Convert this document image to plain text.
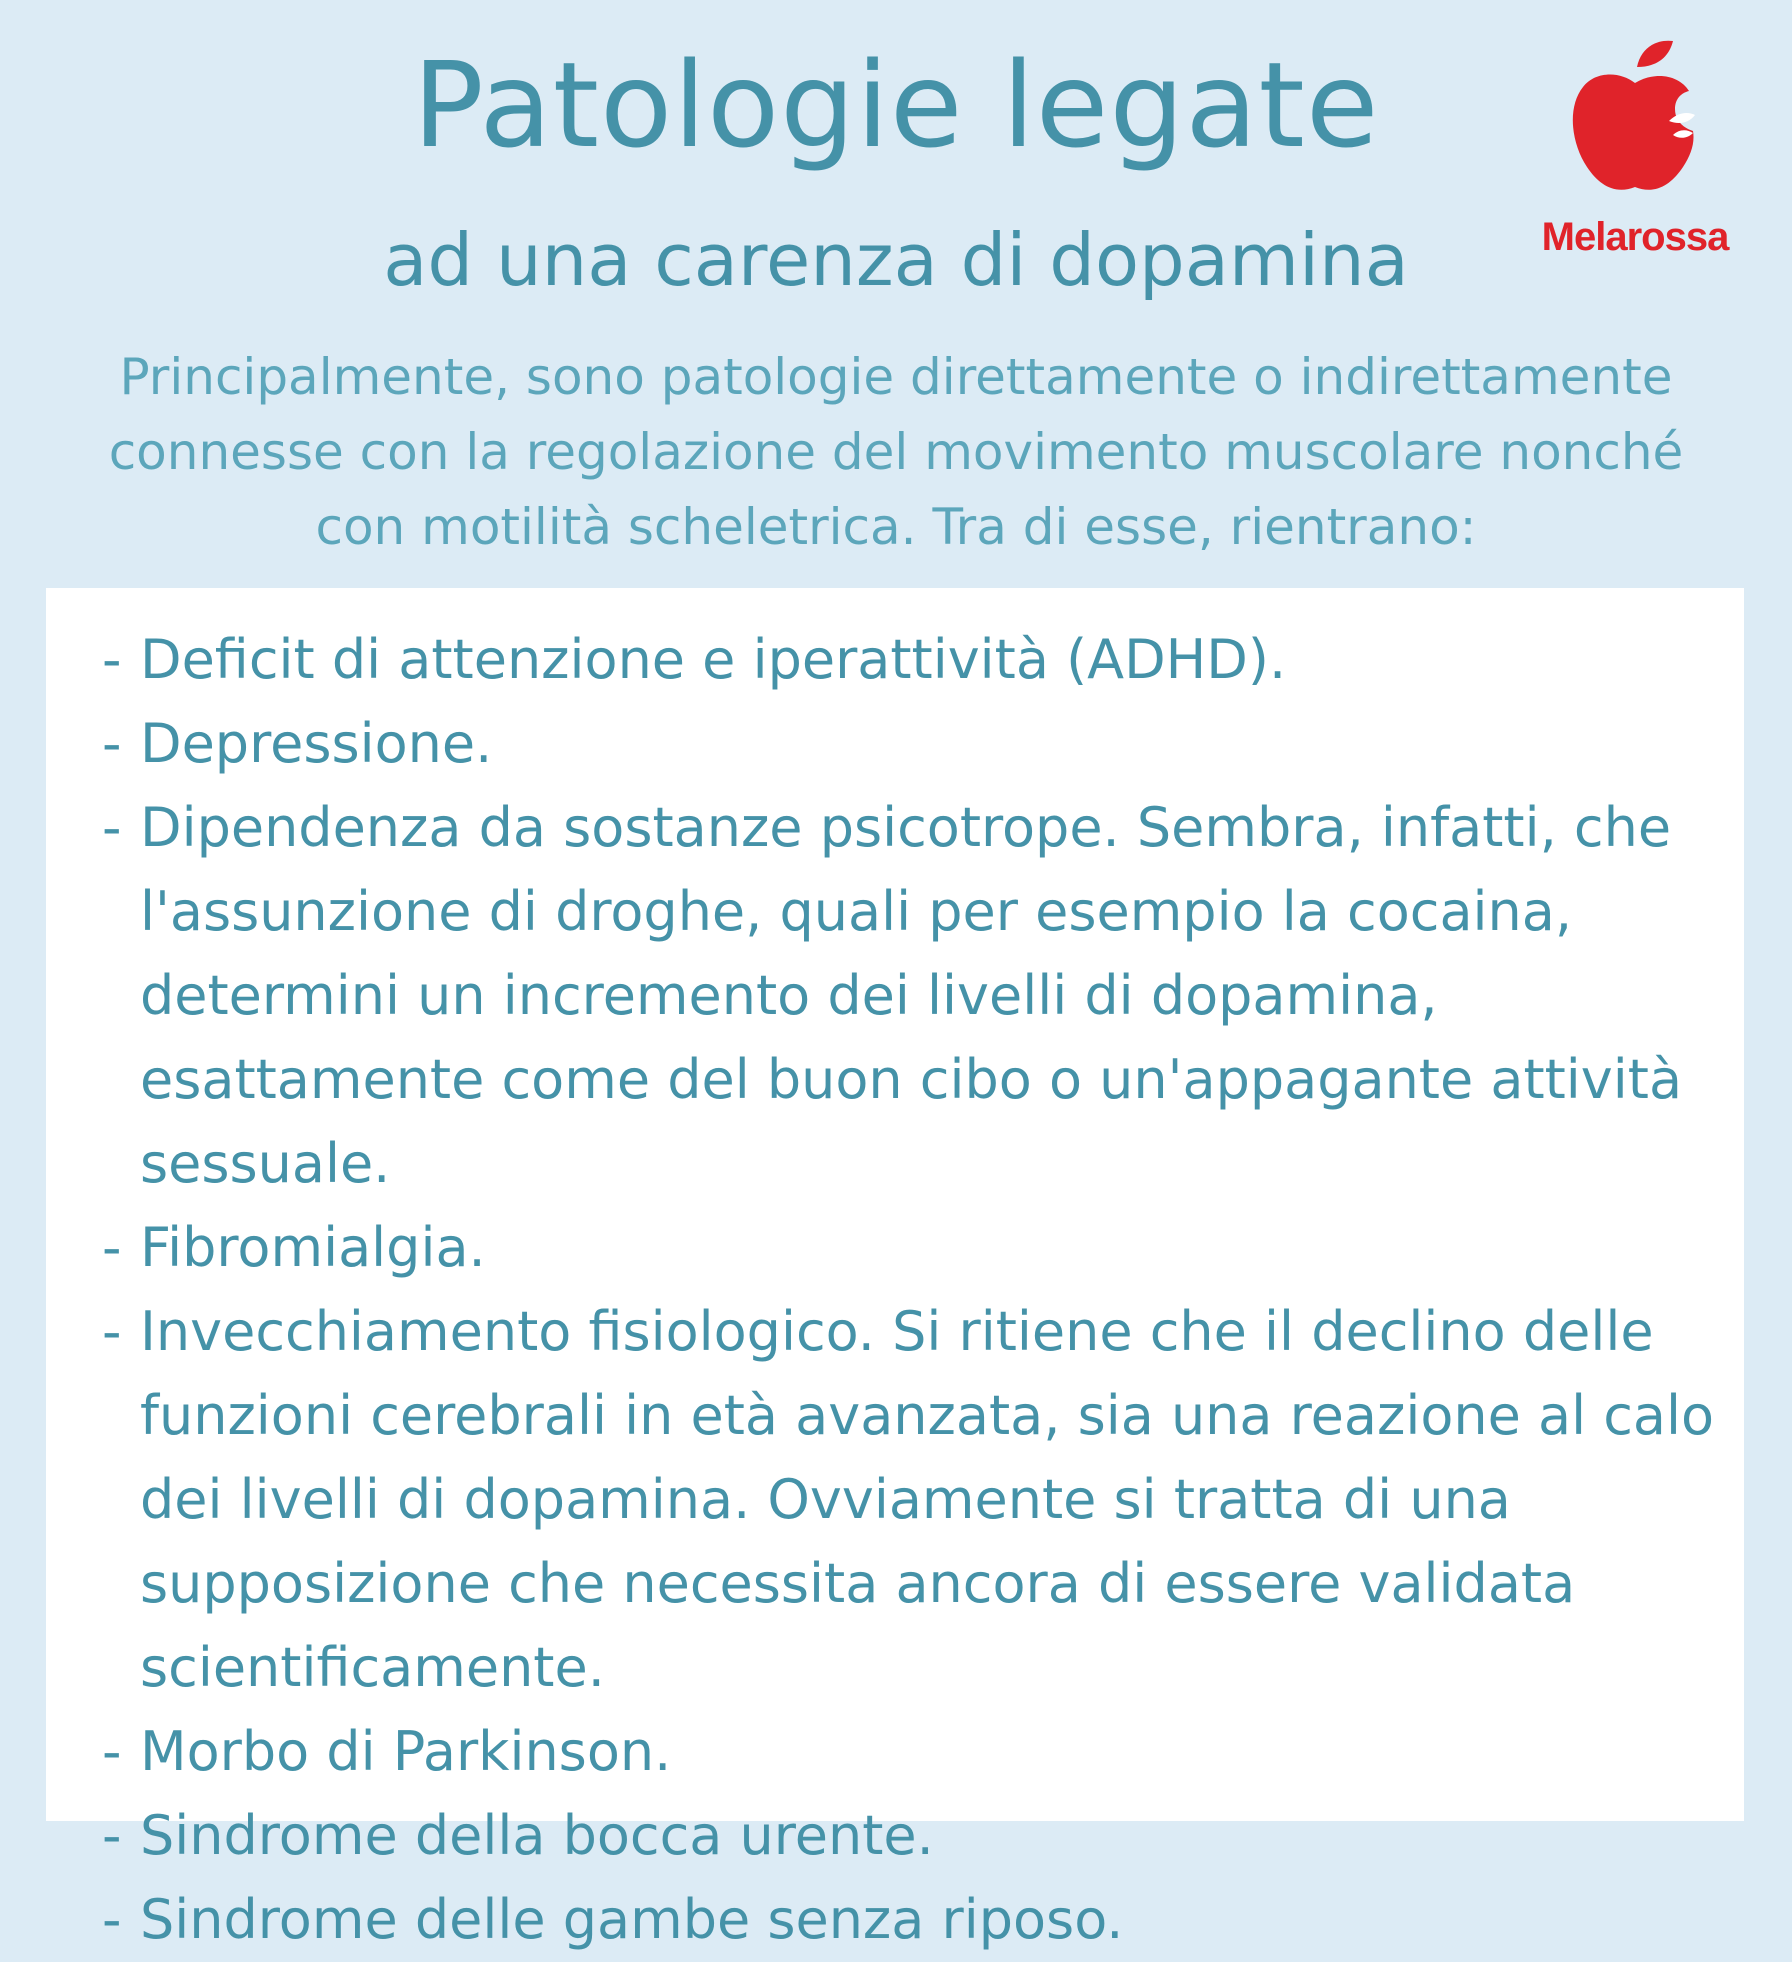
Patologie legate
ad una carenza di dopamina
Principalmente, sono patologie direttamente o indirettamente connesse con la regolazione del movimento muscolare nonché con motilità scheletrica. Tra di esse, rientrano:
Melarossa
- Deficit di attenzione e iperattività (ADHD).
- Depressione.
- Dipendenza da sostanze psicotrope. Sembra, infatti, che l'assunzione di droghe, quali per esempio la cocaina, determini un incremento dei livelli di dopamina, esattamente come del buon cibo o un'appagante attività sessuale.
- Fibromialgia.
- Invecchiamento fisiologico. Si ritiene che il declino delle funzioni cerebrali in età avanzata, sia una reazione al calo dei livelli di dopamina. Ovviamente si tratta di una supposizione che necessita ancora di essere validata scientificamente.
- Morbo di Parkinson.
- Sindrome della bocca urente.
- Sindrome delle gambe senza riposo.
